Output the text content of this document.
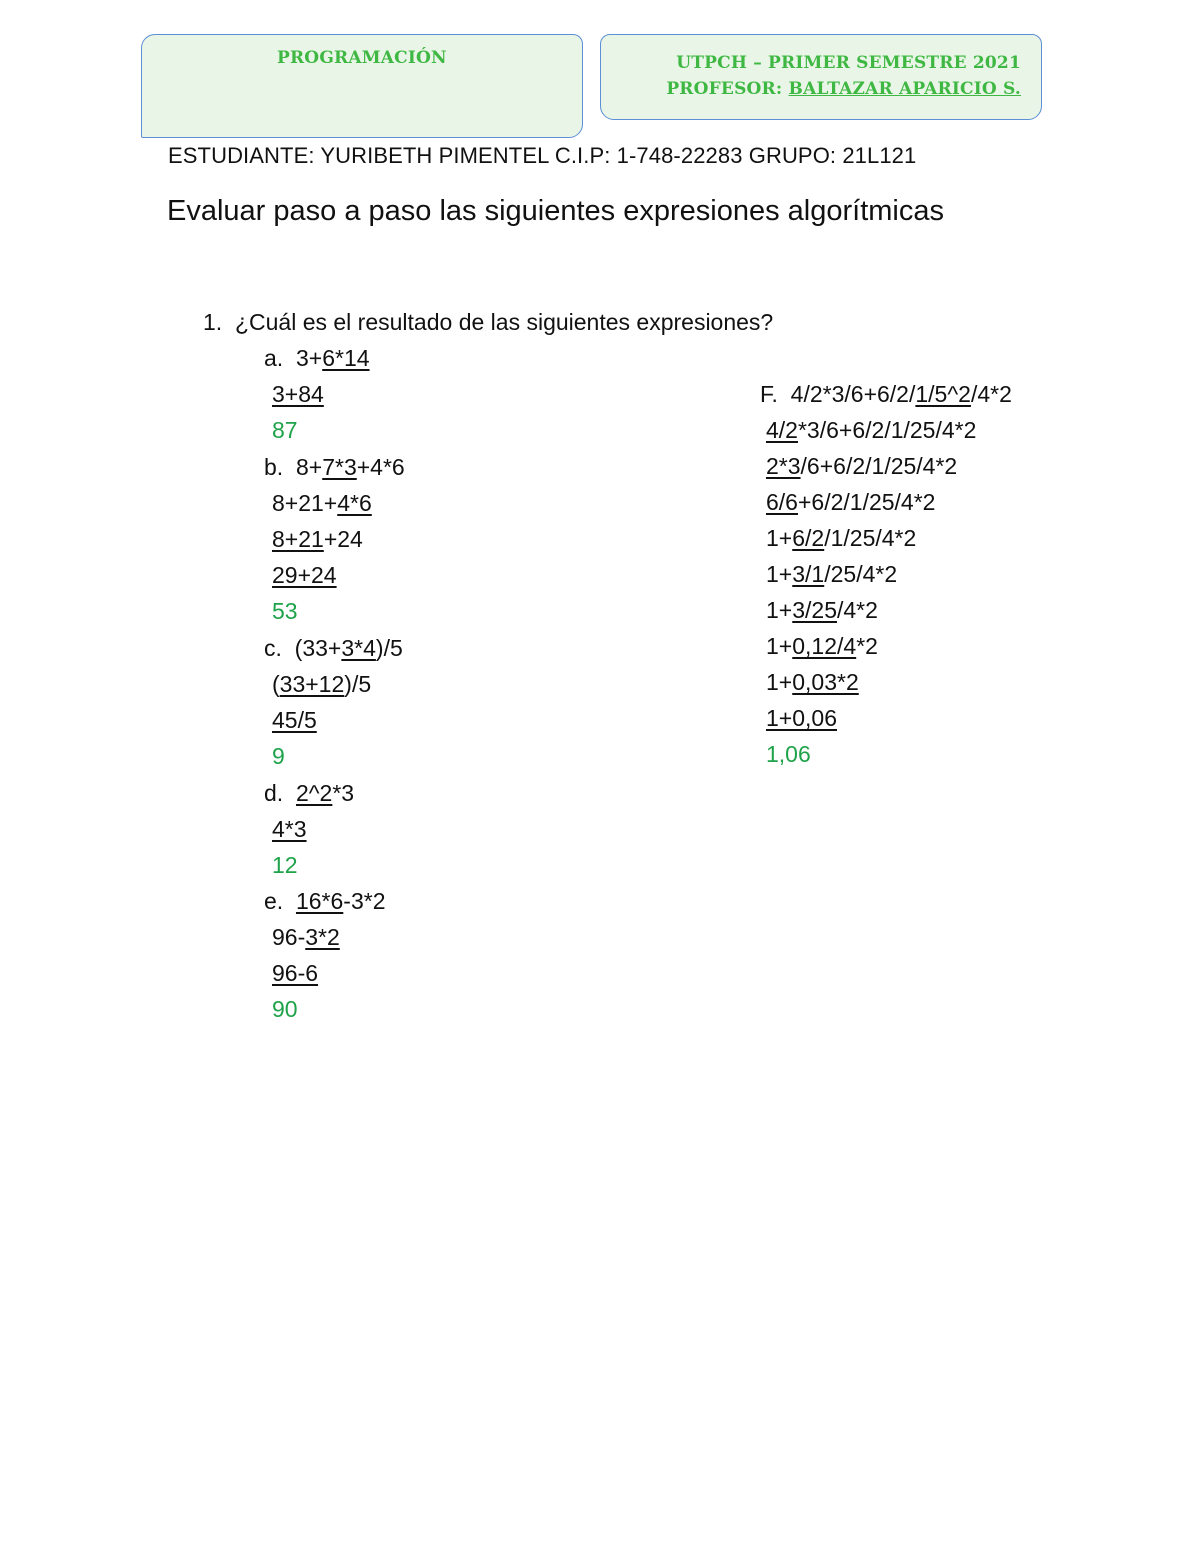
PROGRAMACIÓN	UTPCH – PRIMER SEMESTRE 2021
PROFESOR: BALTAZAR APARICIO S.
ESTUDIANTE: YURIBETH PIMENTEL C.I.P: 1-748-22283 GRUPO: 21L121
Evaluar paso a paso las siguientes expresiones algorítmicas
1. ¿Cuál es el resultado de las siguientes expresiones?
a. 3+6*14
3+84
87
b. 8+7*3+4*6
8+21+4*6
8+21+24
29+24
53
c. (33+3*4)/5
(33+12)/5
45/5
9
d. 2^2*3
4*3
12
e. 16*6-3*2
96-3*2
96-6
90
F. 4/2*3/6+6/2/1/5^2/4*2
4/2*3/6+6/2/1/25/4*2
2*3/6+6/2/1/25/4*2
6/6+6/2/1/25/4*2
1+6/2/1/25/4*2
1+3/1/25/4*2
1+3/25/4*2
1+0,12/4*2
1+0,03*2
1+0,06
1,06
